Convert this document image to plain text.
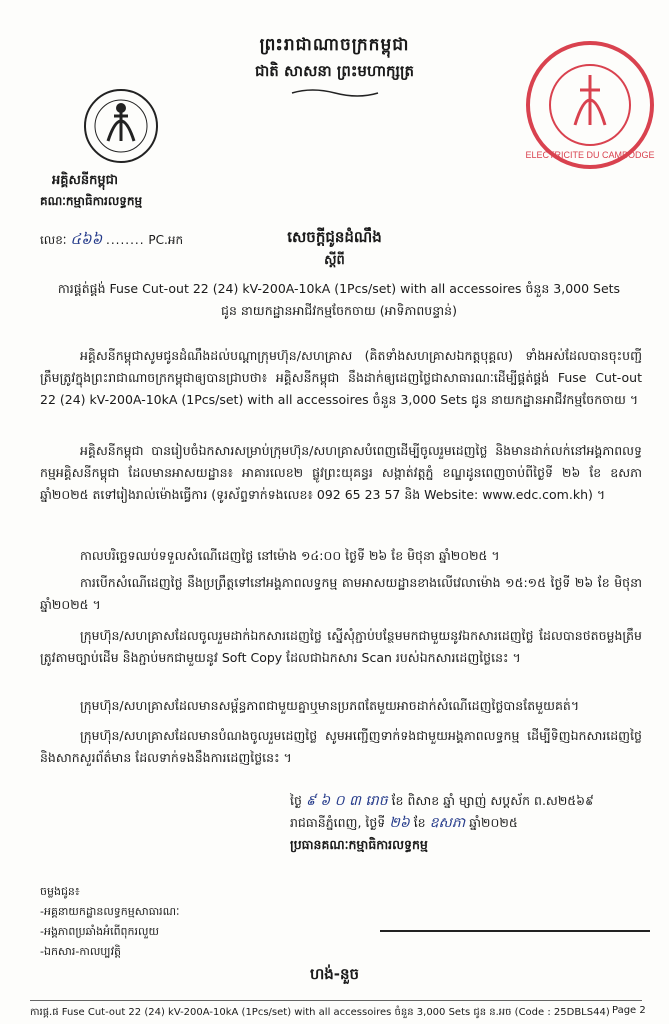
ព្រះរាជាណាចក្រកម្ពុជា
ជាតិ សាសនា ព្រះមហាក្សត្រ
អគ្គិសនីកម្ពុជា
គណៈកម្មាធិការលទ្ធកម្ម
លេខៈ ៤៦៦ ........ PC.អក	សេចក្ដីជូនដំណឹង
ស្ដីពី
ការផ្គត់ផ្គង់ Fuse Cut-out 22 (24) kV-200A-10kA (1Pcs/set) with all accessoires ចំនួន 3,000 Sets
ជូន នាយកដ្ឋានអាជីវកម្មចែកចាយ (អាទិភាពបន្ទាន់)
អគ្គិសនីកម្ពុជាសូមជូនដំណឹងដល់បណ្ដាក្រុមហ៊ុន/សហគ្រាស (គិតទាំងសហគ្រាសឯកត្តបុគ្គល) ទាំងអស់ដែលបានចុះបញ្ជីត្រឹមត្រូវក្នុងព្រះរាជាណាចក្រកម្ពុជាឲ្យបានជ្រាបថា៖ អគ្គិសនីកម្ពុជា នឹងដាក់ឲ្យដេញថ្លៃជាសាធារណៈដើម្បីផ្គត់ផ្គង់ Fuse Cut-out 22 (24) kV-200A-10kA (1Pcs/set) with all accessoires ចំនួន 3,000 Sets ជូន នាយកដ្ឋានអាជីវកម្មចែកចាយ ។
អគ្គិសនីកម្ពុជា បានរៀបចំឯកសារសម្រាប់ក្រុមហ៊ុន/សហគ្រាសបំពេញដើម្បីចូលរួមដេញថ្លៃ និងមានដាក់លក់នៅអង្គភាពលទ្ធកម្មអគ្គិសនីកម្ពុជា ដែលមានអាសយដ្ឋាន៖ អាគារលេខ២ ផ្លូវព្រះយុគន្ធរ សង្កាត់វត្តភ្នំ ខណ្ឌដូនពេញចាប់ពីថ្ងៃទី ២៦ ខែ ឧសភា ឆ្នាំ២០២៥ តទៅរៀងរាល់ម៉ោងធ្វើការ (ទូរស័ព្ទទាក់ទងលេខ៖ 092 65 23 57 និង Website: www.edc.com.kh) ។
កាលបរិច្ឆេទឈប់ទទួលសំណើដេញថ្លៃ នៅម៉ោង ១៤:០០ ថ្ងៃទី ២៦ ខែ មិថុនា ឆ្នាំ២០២៥ ។
ការបើកសំណើដេញថ្លៃ នឹងប្រព្រឹត្តទៅនៅអង្គភាពលទ្ធកម្ម តាមអាសយដ្ឋានខាងលើវេលាម៉ោង ១៥:១៥ ថ្ងៃទី ២៦ ខែ មិថុនា ឆ្នាំ២០២៥ ។
ក្រុមហ៊ុន/សហគ្រាសដែលចូលរួមដាក់ឯកសារដេញថ្លៃ ស្នើសុំភ្ជាប់បន្ថែមមកជាមួយនូវឯកសារដេញថ្លៃ ដែលបានថតចម្លងត្រឹមត្រូវតាមច្បាប់ដើម និងភ្ជាប់មកជាមួយនូវ Soft Copy ដែលជាឯកសារ Scan របស់ឯកសារដេញថ្លៃនេះ ។
ក្រុមហ៊ុន/សហគ្រាសដែលមានសម្ព័ន្ធភាពជាមួយគ្នាឬមានប្រភពតែមួយអាចដាក់សំណើដេញថ្លៃបានតែមួយគត់។
ក្រុមហ៊ុន/សហគ្រាសដែលមានបំណងចូលរួមដេញថ្លៃ សូមអញ្ជើញទាក់ទងជាមួយអង្គភាពលទ្ធកម្ម ដើម្បីទិញឯកសារដេញថ្លៃ និងសាកសួរព័ត៌មាន ដែលទាក់ទងនឹងការដេញថ្លៃនេះ ។
ថ្ងៃ ៩ ៦ ០ ៣ រោច ខែ ពិសាខ ឆ្នាំ ម្សាញ់ សប្ដស័ក ព.ស២៥៦៩
រាជធានីភ្នំពេញ, ថ្ងៃទី ២៦ ខែ ឧសភា ឆ្នាំ២០២៥
ប្រធានគណៈកម្មាធិការលទ្ធកម្ម
ចម្លងជូន៖
-អគ្គនាយកដ្ឋានលទ្ធកម្មសាធារណៈ
-អង្គភាពប្រឆាំងអំពើពុករលួយ
-ឯកសារ-កាលប្បវត្តិ
ហង់-នួច
ELECTRICITE DU CAMBODGE
ការផ្គ.ផ Fuse Cut-out 22 (24) kV-200A-10kA (1Pcs/set) with all accessoires ចំនួន 3,000 Sets ជូន ន.អច (Code : 25DBLS44) Page 2
